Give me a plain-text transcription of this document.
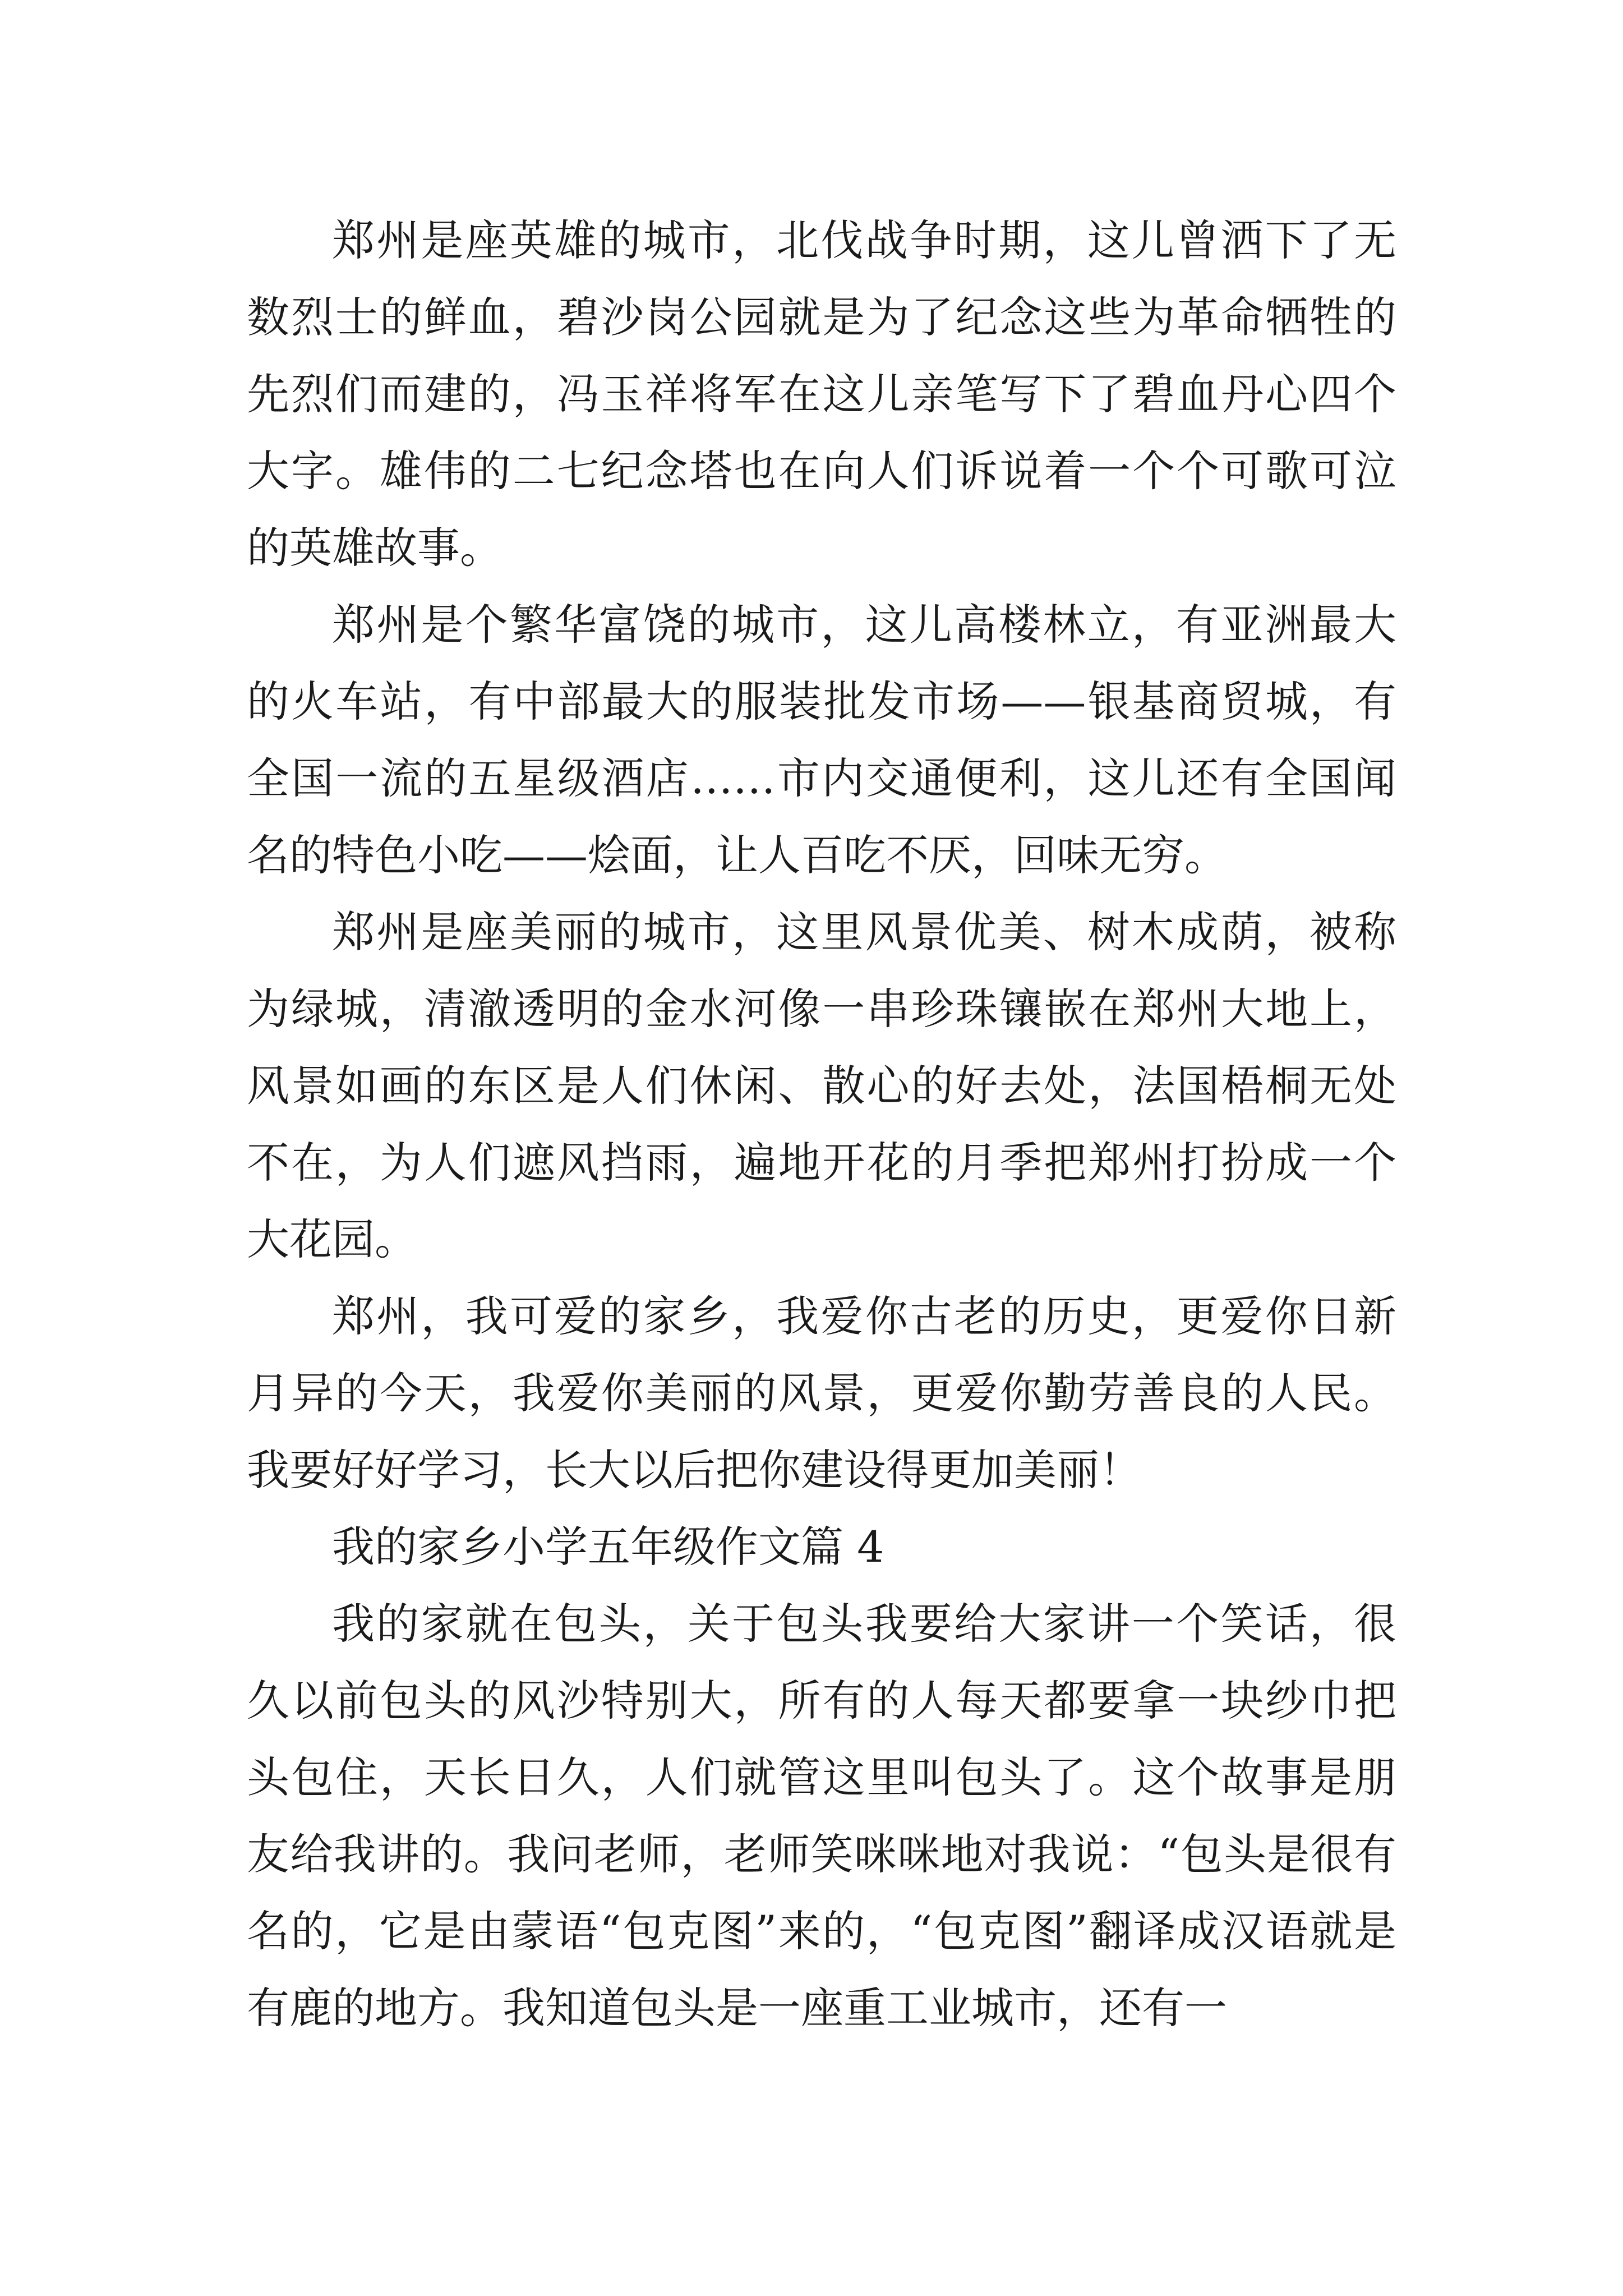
郑州是座英雄的城市，北伐战争时期，这儿曾洒下了无数烈士的鲜血，碧沙岗公园就是为了纪念这些为革命牺牲的先烈们而建的，冯玉祥将军在这儿亲笔写下了碧血丹心四个大字。雄伟的二七纪念塔也在向人们诉说着一个个可歌可泣的英雄故事。

郑州是个繁华富饶的城市，这儿高楼林立，有亚洲最大的火车站，有中部最大的服装批发市场——银基商贸城，有全国一流的五星级酒店……市内交通便利，这儿还有全国闻名的特色小吃——烩面，让人百吃不厌，回味无穷。

郑州是座美丽的城市，这里风景优美、树木成荫，被称为绿城，清澈透明的金水河像一串珍珠镶嵌在郑州大地上，风景如画的东区是人们休闲、散心的好去处，法国梧桐无处不在，为人们遮风挡雨，遍地开花的月季把郑州打扮成一个大花园。

郑州，我可爱的家乡，我爱你古老的历史，更爱你日新月异的今天，我爱你美丽的风景，更爱你勤劳善良的人民。我要好好学习，长大以后把你建设得更加美丽！

我的家乡小学五年级作文篇 4

我的家就在包头，关于包头我要给大家讲一个笑话，很久以前包头的风沙特别大，所有的人每天都要拿一块纱巾把头包住，天长日久，人们就管这里叫包头了。这个故事是朋友给我讲的。我问老师，老师笑咪咪地对我说：“包头是很有名的，它是由蒙语“包克图”来的，“包克图”翻译成汉语就是有鹿的地方。我知道包头是一座重工业城市，还有一
